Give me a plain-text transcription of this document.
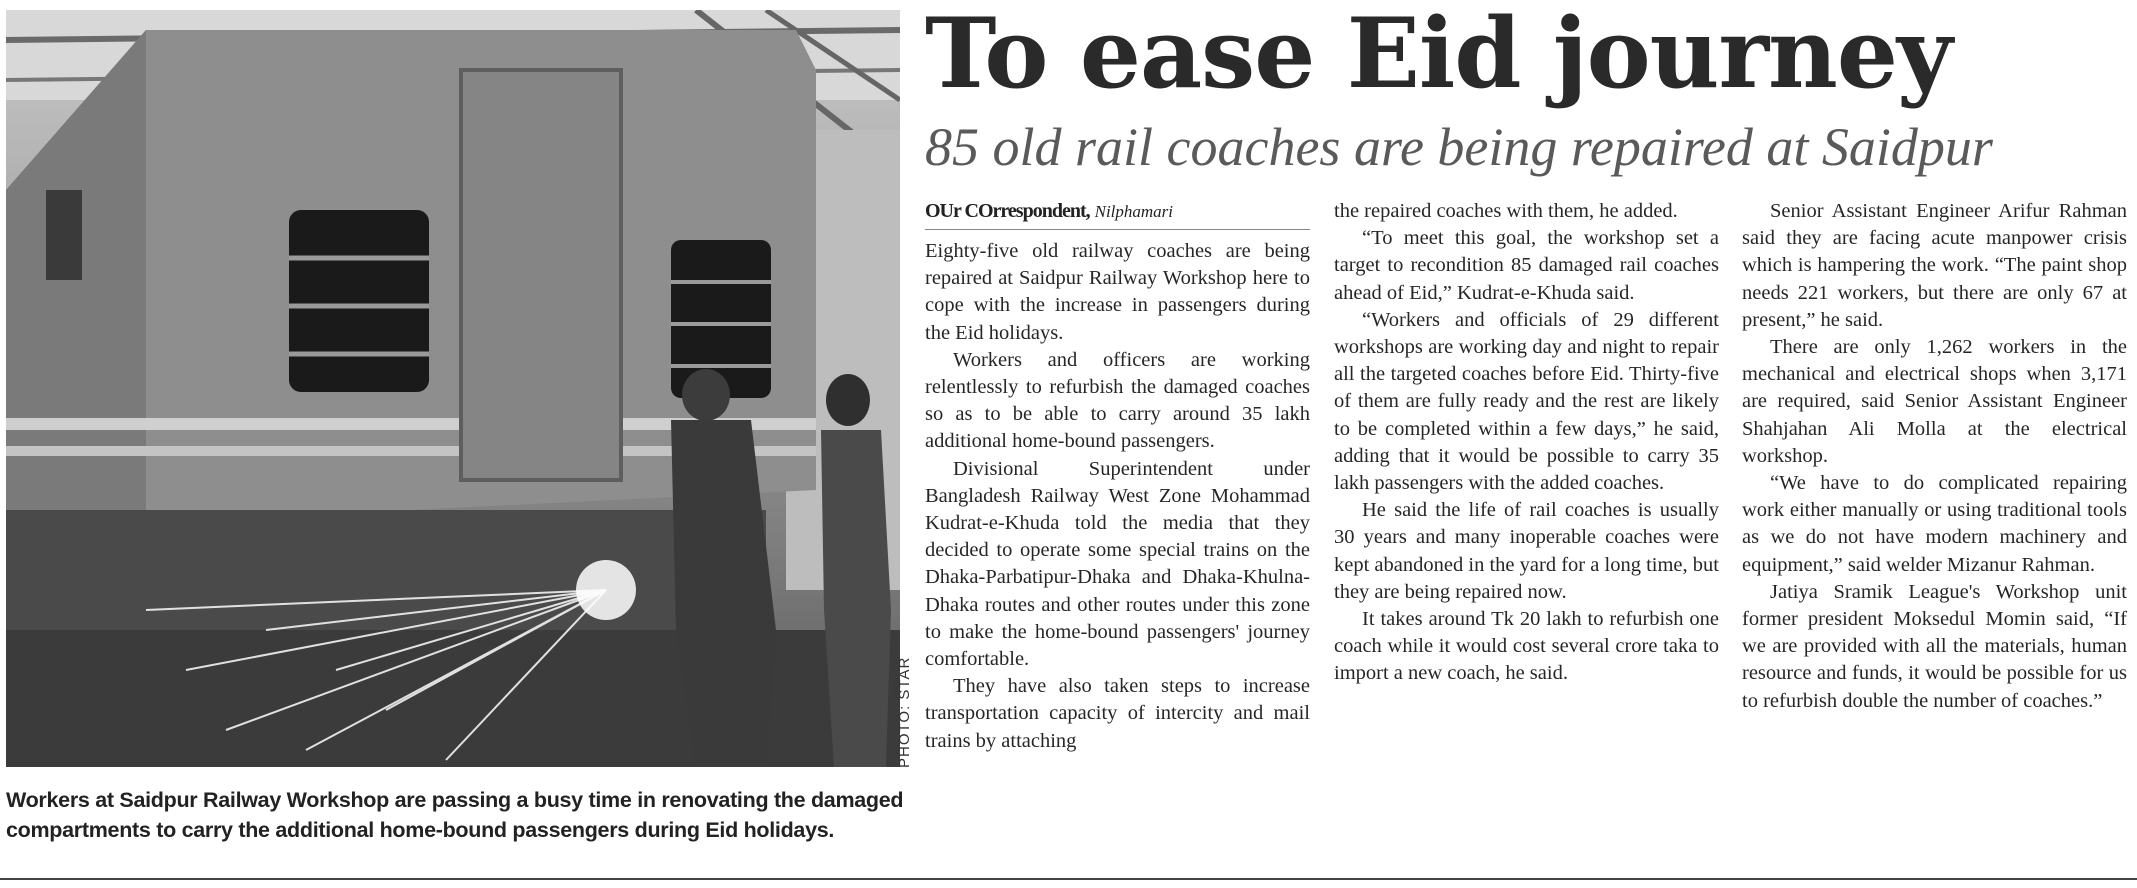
PHOTO: STAR
Workers at Saidpur Railway Workshop are passing a busy time in renovating the damaged compartments to carry the additional home-bound passengers during Eid holidays.
To ease Eid journey
85 old rail coaches are being repaired at Saidpur
OUr COrrespondent, Nilphamari

Eighty-five old railway coaches are being repaired at Saidpur Railway Workshop here to cope with the increase in passengers during the Eid holidays.

Workers and officers are working relentlessly to refurbish the damaged coaches so as to be able to carry around 35 lakh additional home-bound passengers.

Divisional Superintendent under Bangladesh Railway West Zone Mohammad Kudrat-e-Khuda told the media that they decided to operate some special trains on the Dhaka-Parbatipur-Dhaka and Dhaka-Khulna-Dhaka routes and other routes under this zone to make the home-bound passengers' journey comfortable.

They have also taken steps to increase transportation capacity of intercity and mail trains by attaching

the repaired coaches with them, he added.

“To meet this goal, the workshop set a target to recondition 85 damaged rail coaches ahead of Eid,” Kudrat-e-Khuda said.

“Workers and officials of 29 different workshops are working day and night to repair all the targeted coaches before Eid. Thirty-five of them are fully ready and the rest are likely to be completed within a few days,” he said, adding that it would be possible to carry 35 lakh passengers with the added coaches.

He said the life of rail coaches is usually 30 years and many inoperable coaches were kept abandoned in the yard for a long time, but they are being repaired now.

It takes around Tk 20 lakh to refurbish one coach while it would cost several crore taka to import a new coach, he said.

Senior Assistant Engineer Arifur Rahman said they are facing acute manpower crisis which is hampering the work. “The paint shop needs 221 workers, but there are only 67 at present,” he said.

There are only 1,262 workers in the mechanical and electrical shops when 3,171 are required, said Senior Assistant Engineer Shahjahan Ali Molla at the electrical workshop.

“We have to do complicated repairing work either manually or using traditional tools as we do not have modern machinery and equipment,” said welder Mizanur Rahman.

Jatiya Sramik League's Workshop unit former president Moksedul Momin said, “If we are provided with all the materials, human resource and funds, it would be possible for us to refurbish double the number of coaches.”
